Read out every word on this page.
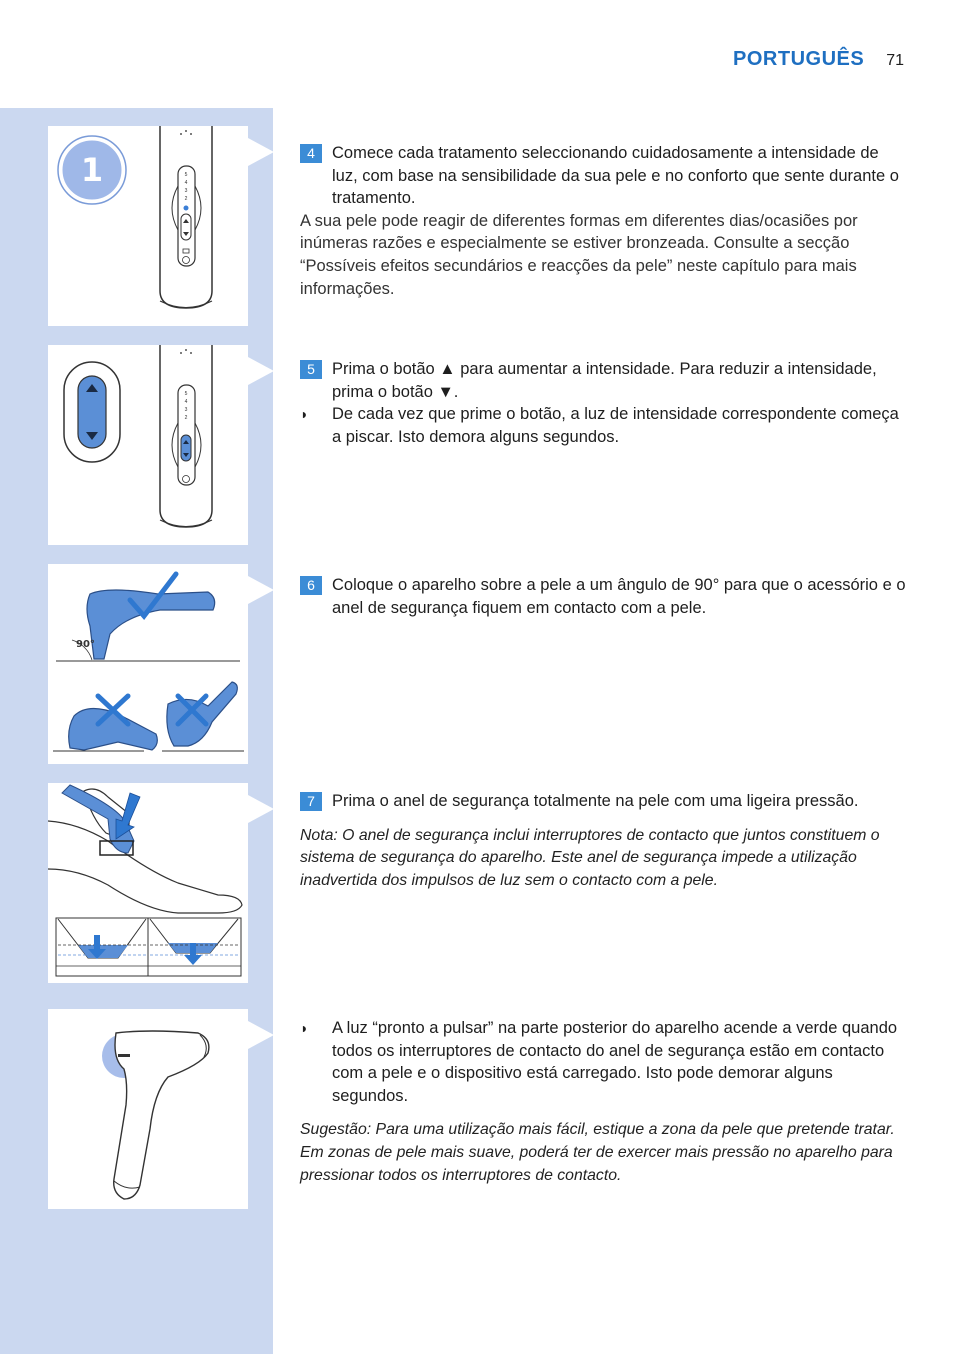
PORTUGUÊS 71
1	5
4
3
2
5
4
3
2
90°
4	Comece cada tratamento seleccionando cuidadosamente a intensidade de luz, com base na sensibilidade da sua pele e no conforto que sente durante o tratamento.
A sua pele pode reagir de diferentes formas em diferentes dias/ocasiões por inúmeras razões e especialmente se estiver bronzeada. Consulte a secção “Possíveis efeitos secundários e reacções da pele” neste capítulo para mais informações.
5	Prima o botão ▲ para aumentar a intensidade. Para reduzir a intensidade, prima o botão ▼.
◗	De cada vez que prime o botão, a luz de intensidade correspondente começa a piscar. Isto demora alguns segundos.
6	Coloque o aparelho sobre a pele a um ângulo de 90° para que o acessório e o anel de segurança fiquem em contacto com a pele.
7	Prima o anel de segurança totalmente na pele com uma ligeira pressão.
Nota: O anel de segurança inclui interruptores de contacto que juntos constituem o sistema de segurança do aparelho. Este anel de segurança impede a utilização inadvertida dos impulsos de luz sem o contacto com a pele.
◗	A luz “pronto a pulsar” na parte posterior do aparelho acende a verde quando todos os interruptores de contacto do anel de segurança estão em contacto com a pele e o dispositivo está carregado. Isto pode demorar alguns segundos.
Sugestão: Para uma utilização mais fácil, estique a zona da pele que pretende tratar. Em zonas de pele mais suave, poderá ter de exercer mais pressão no aparelho para pressionar todos os interruptores de contacto.
